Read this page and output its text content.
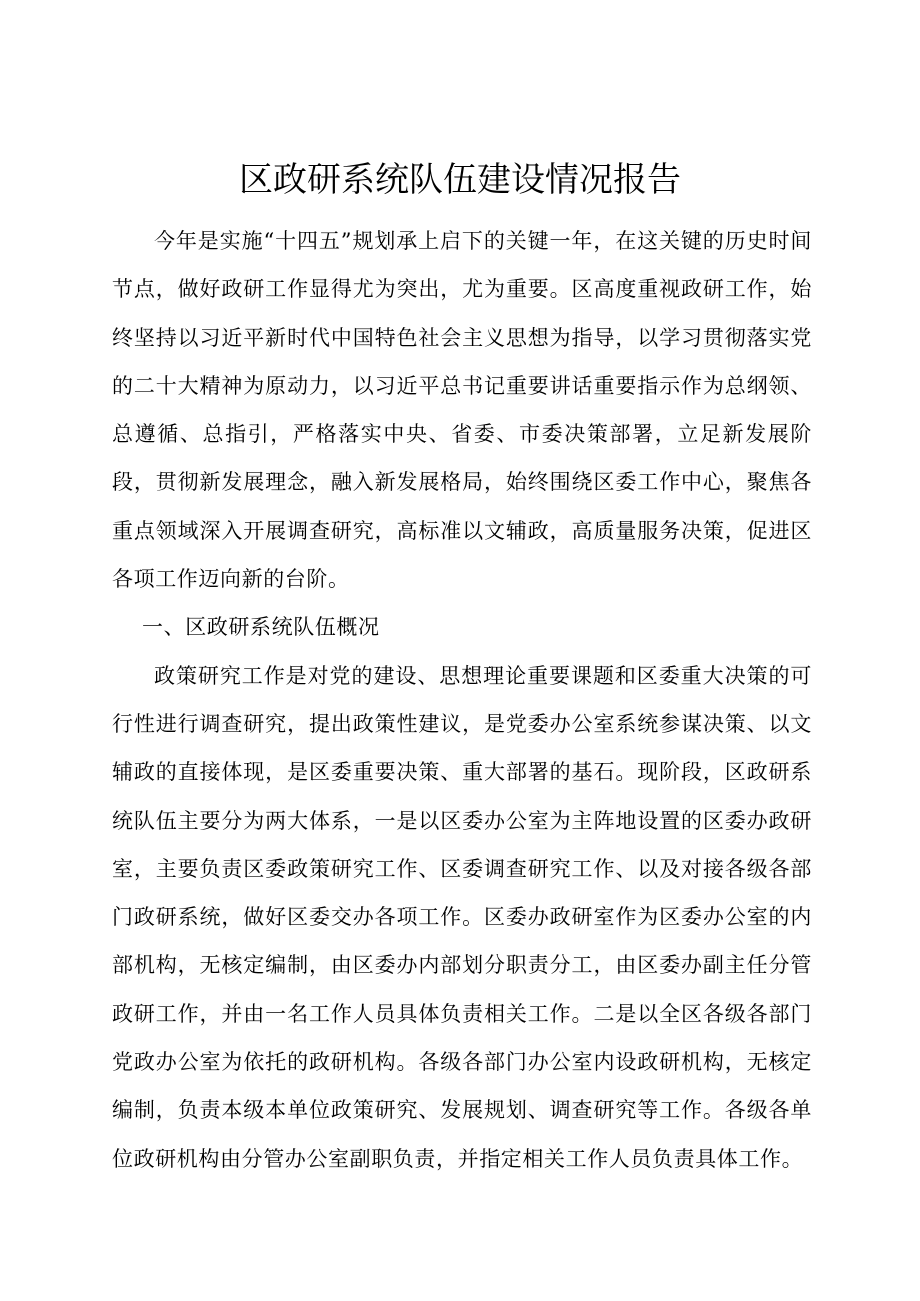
区政研系统队伍建设情况报告

今年是实施“十四五”规划承上启下的关键一年，在这关键的历史时间节点，做好政研工作显得尤为突出，尤为重要。区高度重视政研工作，始终坚持以习近平新时代中国特色社会主义思想为指导，以学习贯彻落实党的二十大精神为原动力，以习近平总书记重要讲话重要指示作为总纲领、总遵循、总指引，严格落实中央、省委、市委决策部署，立足新发展阶段，贯彻新发展理念，融入新发展格局，始终围绕区委工作中心，聚焦各重点领域深入开展调查研究，高标准以文辅政，高质量服务决策，促进区各项工作迈向新的台阶。

一、区政研系统队伍概况

政策研究工作是对党的建设、思想理论重要课题和区委重大决策的可行性进行调查研究，提出政策性建议，是党委办公室系统参谋决策、以文辅政的直接体现，是区委重要决策、重大部署的基石。现阶段，区政研系统队伍主要分为两大体系，一是以区委办公室为主阵地设置的区委办政研室，主要负责区委政策研究工作、区委调查研究工作、以及对接各级各部门政研系统，做好区委交办各项工作。区委办政研室作为区委办公室的内部机构，无核定编制，由区委办内部划分职责分工，由区委办副主任分管政研工作，并由一名工作人员具体负责相关工作。二是以全区各级各部门党政办公室为依托的政研机构。各级各部门办公室内设政研机构，无核定编制，负责本级本单位政策研究、发展规划、调查研究等工作。各级各单位政研机构由分管办公室副职负责，并指定相关工作人员负责具体工作。
